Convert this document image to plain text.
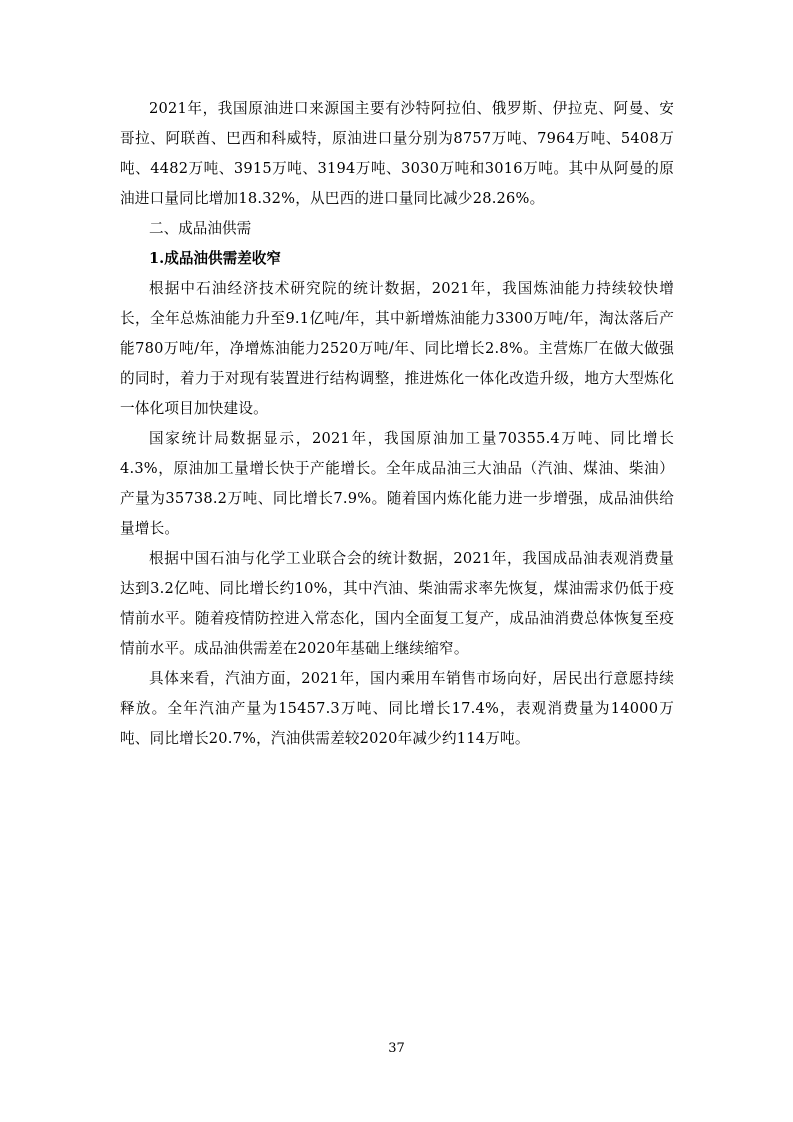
2021年，我国原油进口来源国主要有沙特阿拉伯、俄罗斯、伊拉克、阿曼、安哥拉、阿联酋、巴西和科威特，原油进口量分别为8757万吨、7964万吨、5408万吨、4482万吨、3915万吨、3194万吨、3030万吨和3016万吨。其中从阿曼的原油进口量同比增加18.32%，从巴西的进口量同比减少28.26%。

二、成品油供需

1.成品油供需差收窄

根据中石油经济技术研究院的统计数据，2021年，我国炼油能力持续较快增长，全年总炼油能力升至9.1亿吨/年，其中新增炼油能力3300万吨/年，淘汰落后产能780万吨/年，净增炼油能力2520万吨/年、同比增长2.8%。主营炼厂在做大做强的同时，着力于对现有装置进行结构调整，推进炼化一体化改造升级，地方大型炼化一体化项目加快建设。

国家统计局数据显示，2021年，我国原油加工量70355.4万吨、同比增长4.3%，原油加工量增长快于产能增长。全年成品油三大油品（汽油、煤油、柴油）产量为35738.2万吨、同比增长7.9%。随着国内炼化能力进一步增强，成品油供给量增长。

根据中国石油与化学工业联合会的统计数据，2021年，我国成品油表观消费量达到3.2亿吨、同比增长约10%，其中汽油、柴油需求率先恢复，煤油需求仍低于疫情前水平。随着疫情防控进入常态化，国内全面复工复产，成品油消费总体恢复至疫情前水平。成品油供需差在2020年基础上继续缩窄。

具体来看，汽油方面，2021年，国内乘用车销售市场向好，居民出行意愿持续释放。全年汽油产量为15457.3万吨、同比增长17.4%，表观消费量为14000万吨、同比增长20.7%，汽油供需差较2020年减少约114万吨。

37
